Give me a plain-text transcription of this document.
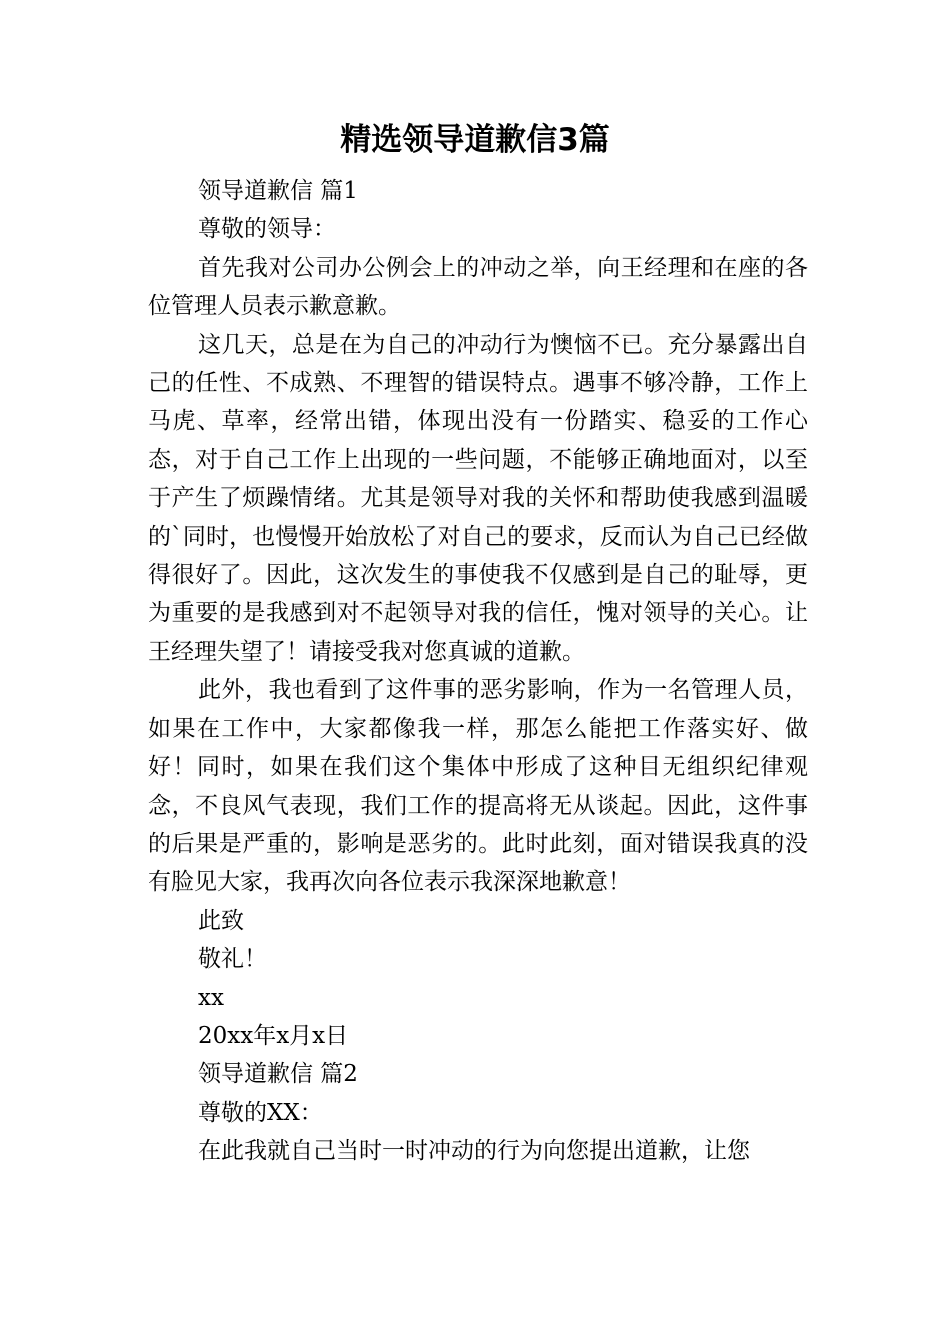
精选领导道歉信3篇

领导道歉信 篇1

尊敬的领导：

首先我对公司办公例会上的冲动之举，向王经理和在座的各位管理人员表示歉意歉。

这几天，总是在为自己的冲动行为懊恼不已。充分暴露出自己的任性、不成熟、不理智的错误特点。遇事不够冷静，工作上马虎、草率，经常出错，体现出没有一份踏实、稳妥的工作心态，对于自己工作上出现的一些问题，不能够正确地面对，以至于产生了烦躁情绪。尤其是领导对我的关怀和帮助使我感到温暖的`同时，也慢慢开始放松了对自己的要求，反而认为自己已经做得很好了。因此，这次发生的事使我不仅感到是自己的耻辱，更为重要的是我感到对不起领导对我的信任，愧对领导的关心。让王经理失望了！请接受我对您真诚的道歉。

此外，我也看到了这件事的恶劣影响，作为一名管理人员，如果在工作中，大家都像我一样，那怎么能把工作落实好、做好！同时，如果在我们这个集体中形成了这种目无组织纪律观念，不良风气表现，我们工作的提高将无从谈起。因此，这件事的后果是严重的，影响是恶劣的。此时此刻，面对错误我真的没有脸见大家，我再次向各位表示我深深地歉意！

此致

敬礼！

xx

20xx年x月x日

领导道歉信 篇2

尊敬的XX：

在此我就自己当时一时冲动的行为向您提出道歉，让您
